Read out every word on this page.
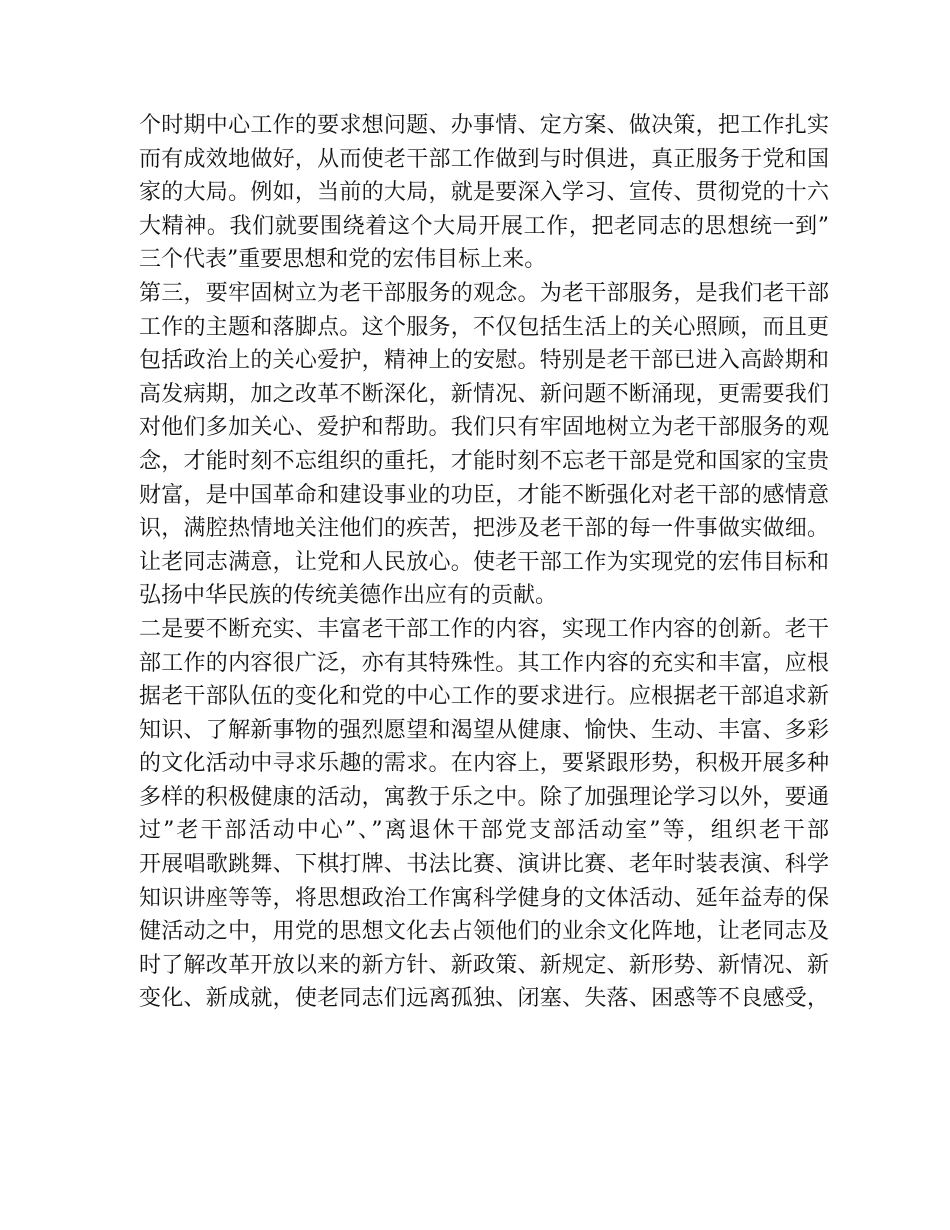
个时期中心工作的要求想问题、办事情、定方案、做决策，把工作扎实
而有成效地做好，从而使老干部工作做到与时俱进，真正服务于党和国
家的大局。例如，当前的大局，就是要深入学习、宣传、贯彻党的十六
大精神。我们就要围绕着这个大局开展工作，把老同志的思想统一到”
三个代表”重要思想和党的宏伟目标上来。
第三，要牢固树立为老干部服务的观念。为老干部服务，是我们老干部
工作的主题和落脚点。这个服务，不仅包括生活上的关心照顾，而且更
包括政治上的关心爱护，精神上的安慰。特别是老干部已进入高龄期和
高发病期，加之改革不断深化，新情况、新问题不断涌现，更需要我们
对他们多加关心、爱护和帮助。我们只有牢固地树立为老干部服务的观
念，才能时刻不忘组织的重托，才能时刻不忘老干部是党和国家的宝贵
财富，是中国革命和建设事业的功臣，才能不断强化对老干部的感情意
识，满腔热情地关注他们的疾苦，把涉及老干部的每一件事做实做细。
让老同志满意，让党和人民放心。使老干部工作为实现党的宏伟目标和
弘扬中华民族的传统美德作出应有的贡献。
二是要不断充实、丰富老干部工作的内容，实现工作内容的创新。老干
部工作的内容很广泛，亦有其特殊性。其工作内容的充实和丰富，应根
据老干部队伍的变化和党的中心工作的要求进行。应根据老干部追求新
知识、了解新事物的强烈愿望和渴望从健康、愉快、生动、丰富、多彩
的文化活动中寻求乐趣的需求。在内容上，要紧跟形势，积极开展多种
多样的积极健康的活动，寓教于乐之中。除了加强理论学习以外，要通
过”老干部活动中心”、”离退休干部党支部活动室”等，组织老干部
开展唱歌跳舞、下棋打牌、书法比赛、演讲比赛、老年时装表演、科学
知识讲座等等，将思想政治工作寓科学健身的文体活动、延年益寿的保
健活动之中，用党的思想文化去占领他们的业余文化阵地，让老同志及
时了解改革开放以来的新方针、新政策、新规定、新形势、新情况、新
变化、新成就，使老同志们远离孤独、闭塞、失落、困惑等不良感受，
